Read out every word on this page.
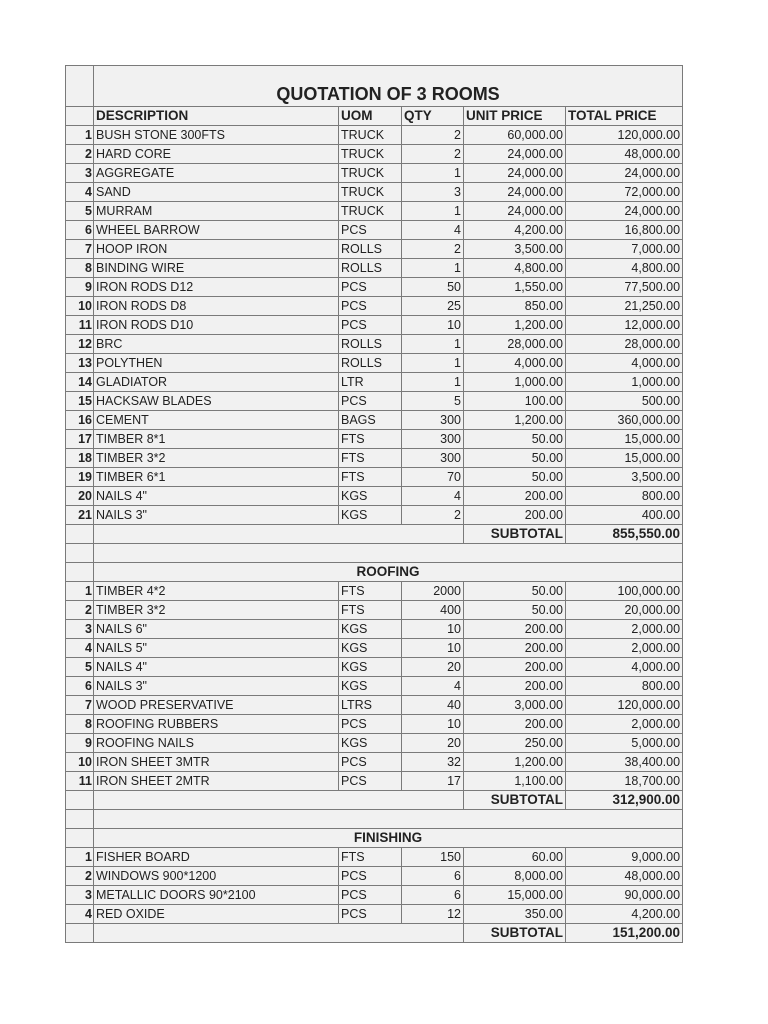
	QUOTATION OF 3 ROOMS				
	DESCRIPTION	UOM	QTY	UNIT PRICE	TOTAL PRICE
1	BUSH STONE 300FTS	TRUCK	2	60,000.00	120,000.00
2	HARD CORE	TRUCK	2	24,000.00	48,000.00
3	AGGREGATE	TRUCK	1	24,000.00	24,000.00
4	SAND	TRUCK	3	24,000.00	72,000.00
5	MURRAM	TRUCK	1	24,000.00	24,000.00
6	WHEEL BARROW	PCS	4	4,200.00	16,800.00
7	HOOP IRON	ROLLS	2	3,500.00	7,000.00
8	BINDING WIRE	ROLLS	1	4,800.00	4,800.00
9	IRON RODS D12	PCS	50	1,550.00	77,500.00
10	IRON RODS D8	PCS	25	850.00	21,250.00
11	IRON RODS D10	PCS	10	1,200.00	12,000.00
12	BRC	ROLLS	1	28,000.00	28,000.00
13	POLYTHEN	ROLLS	1	4,000.00	4,000.00
14	GLADIATOR	LTR	1	1,000.00	1,000.00
15	HACKSAW BLADES	PCS	5	100.00	500.00
16	CEMENT	BAGS	300	1,200.00	360,000.00
17	TIMBER 8*1	FTS	300	50.00	15,000.00
18	TIMBER 3*2	FTS	300	50.00	15,000.00
19	TIMBER 6*1	FTS	70	50.00	3,500.00
20	NAILS 4"	KGS	4	200.00	800.00
21	NAILS 3"	KGS	2	200.00	400.00
				SUBTOTAL	855,550.00

	ROOFING				
1	TIMBER 4*2	FTS	2000	50.00	100,000.00
2	TIMBER 3*2	FTS	400	50.00	20,000.00
3	NAILS 6"	KGS	10	200.00	2,000.00
4	NAILS 5"	KGS	10	200.00	2,000.00
5	NAILS 4"	KGS	20	200.00	4,000.00
6	NAILS 3"	KGS	4	200.00	800.00
7	WOOD PRESERVATIVE	LTRS	40	3,000.00	120,000.00
8	ROOFING RUBBERS	PCS	10	200.00	2,000.00
9	ROOFING NAILS	KGS	20	250.00	5,000.00
10	IRON SHEET 3MTR	PCS	32	1,200.00	38,400.00
11	IRON SHEET 2MTR	PCS	17	1,100.00	18,700.00
				SUBTOTAL	312,900.00

	FINISHING				
1	FISHER BOARD	FTS	150	60.00	9,000.00
2	WINDOWS 900*1200	PCS	6	8,000.00	48,000.00
3	METALLIC DOORS 90*2100	PCS	6	15,000.00	90,000.00
4	RED OXIDE	PCS	12	350.00	4,200.00
				SUBTOTAL	151,200.00
